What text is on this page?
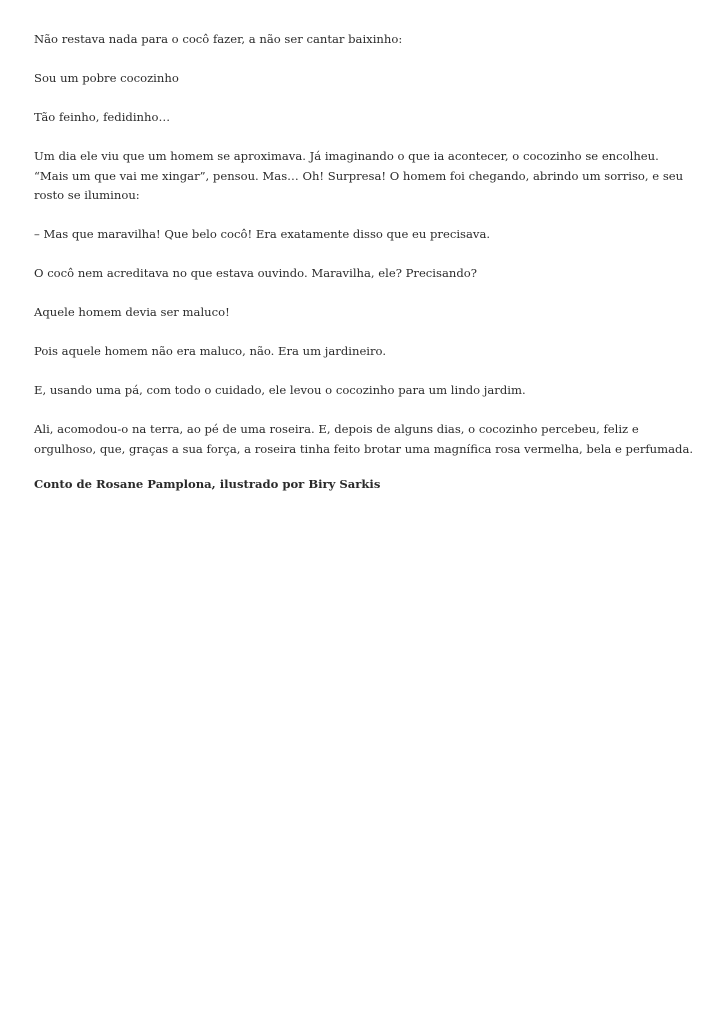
Não restava nada para o cocô fazer, a não ser cantar baixinho:

Sou um pobre cocozinho

Tão feinho, fedidinho…

Um dia ele viu que um homem se aproximava. Já imaginando o que ia acontecer, o cocozinho se encolheu. “Mais um que vai me xingar”, pensou. Mas… Oh! Surpresa! O homem foi chegando, abrindo um sorriso, e seu rosto se iluminou:

– Mas que maravilha! Que belo cocô! Era exatamente disso que eu precisava.

O cocô nem acreditava no que estava ouvindo. Maravilha, ele? Precisando?

Aquele homem devia ser maluco!

Pois aquele homem não era maluco, não. Era um jardineiro.

E, usando uma pá, com todo o cuidado, ele levou o cocozinho para um lindo jardim.

Ali, acomodou-o na terra, ao pé de uma roseira. E, depois de alguns dias, o cocozinho percebeu, feliz e orgulhoso, que, graças a sua força, a roseira tinha feito brotar uma magnífica rosa vermelha, bela e perfumada.

Conto de Rosane Pamplona, ilustrado por Biry Sarkis
